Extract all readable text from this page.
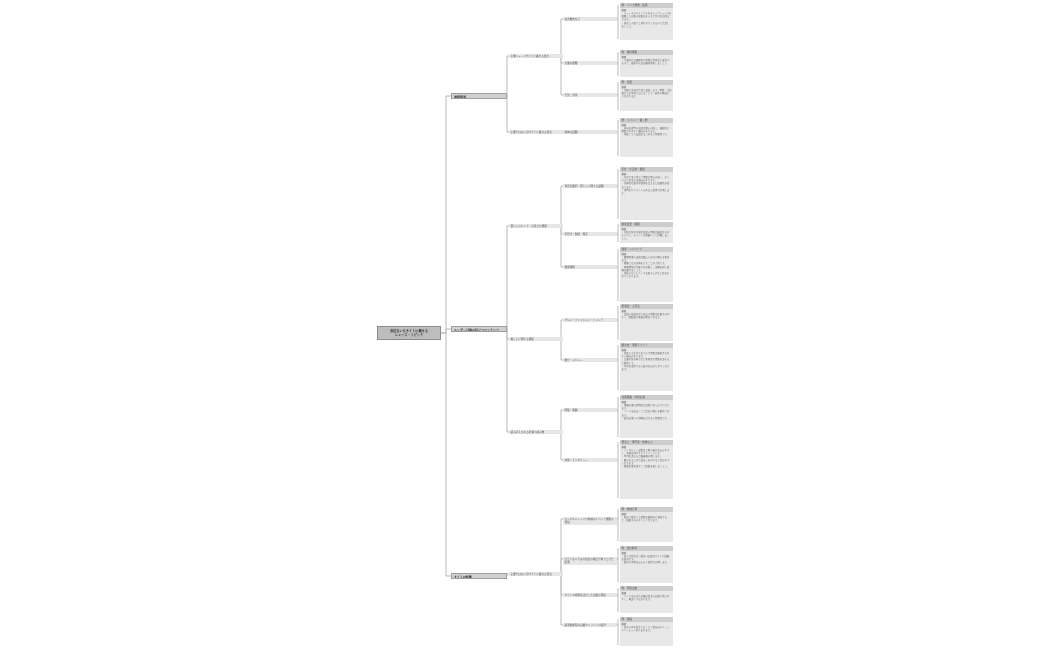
身近ないもサイトに載せる
ニュース・トピック
速報報道
主要ニュースサイトに載せる見出
社会動向など
例：コロナ関連、経済
概要
・ニュースのメインでもあるトップニュースを掲載した記事の総数が多いほど注目度が高まります。
・見出しが長いと切れやすくなるので注意しましょう。
交通の影響
例：事故情報
概要
・突発的な交通障害の情報は利用者に直結するので、最新の状況を随時更新しましょう。
天気・気象
例：台風
概要
・天候の急変は生活に直結します。警報・注意報などを早めに伝えることで、被害の軽減につながります。
主要ではないがサイトに載せる見出	地域の話題
例：イベント・催し物
概要
・地域密着型の話題は関心が高く、継続的に閲覧されやすい傾向があります。
・季節ごとの話題をまとめると効果的です。
ユーザー目線の役立つコンテンツ
暮らしのヒント・お役立ち情報
身近な節約・暮らしに関する話題
家計・生活費・健康
概要
・日常生活に役立つ情報は関心が高く、多くの人に読まれる傾向があります。
・具体的な数字や事例を交えると信頼性が高まります。
・専門家のコメントがあると説得力が増します。
手続き・制度・規定
制度変更・期限
概要
・行政手続きや制度変更の情報は確認されやすいので、ポイントを明確にして掲載しましょう。
健康情報
健康・ヘルスケア
概要
・健康関連の話題は幅広い世代の関心を集めます。
・根拠となる出典を示すことが大切です。
・医療情報は正確さを重視し、誤解を招く表現を避けましょう。
・季節に応じたテーマを取り上げると読まれやすくなります。
楽しいに関する情報
グルメ・ファッション・トレンド
新商品・人気店
概要
・話題の新商品や人気店の情報は拡散されやすく、閲覧数の増加が期待できます。
旅行・レジャー
観光地・季節イベント
概要
・季節に合わせたおでかけ情報は検索されやすい傾向があります。
・交通手段や料金など実用的な情報を添えると便利です。
・写真を活用すると魅力が伝わりやすくなります。
読み応えのある記事や読み物
特集・連載
長期連載・特別企画
概要
・連載記事は定期的な訪問のきっかけになります。
・テーマを絞ることで読者の関心を維持できます。
・過去記事への導線を設けると効果的です。
対談・インタビュー
著名人・専門家・地域の人
概要
・インタビュー記事は人物の魅力を伝えやすく、共感を得やすいコンテンツです。
・写真を添えると臨場感が増します。
・要点をまとめた見出しを付けると読みやすくなります。
・関連記事を紹介して回遊を促しましょう。
サイトの特徴
主要ではないがサイトに載せる見出
ローカルニュースや地域のイベント情報の発信
例：地域行事
概要
・地域に根ざした情報を継続的に発信すると、信頼されるサイトになります。
サイトならではの独自の視点で取り上げた記事
例：独自取材
概要
・他では読めない独自の記事はサイトの価値を高めます。
・取材の背景を伝えると説得力が増します。
サイトの特徴を活かした企画の発信
例：特集企画
概要
・テーマを決めた企画は読者の記憶に残りやすく、再訪につながります。
読者参加型の企画やコメントの紹介
例：投稿
概要
・読者の声を紹介することで双方向のコミュニケーションが生まれます。
